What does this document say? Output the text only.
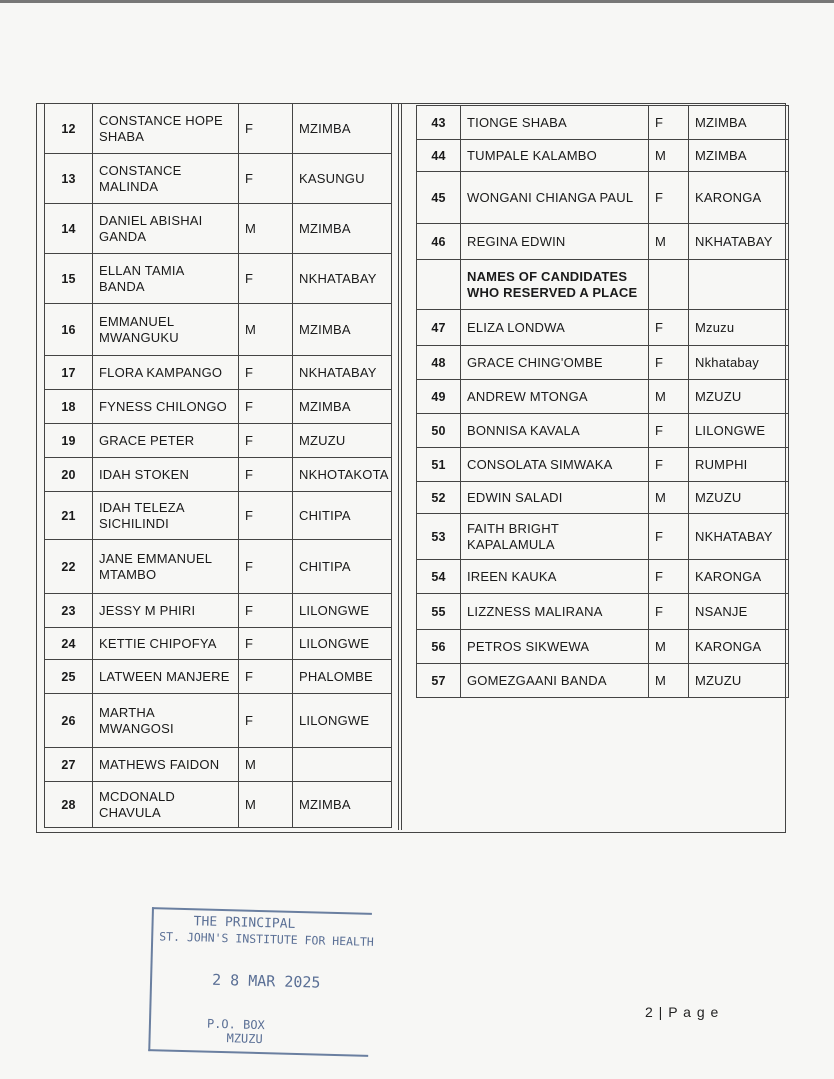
12	CONSTANCE HOPE SHABA	F	MZIMBA
13	CONSTANCE MALINDA	F	KASUNGU
14	DANIEL ABISHAI GANDA	M	MZIMBA
15	ELLAN TAMIA BANDA	F	NKHATABAY
16	EMMANUEL MWANGUKU	M	MZIMBA
17	FLORA KAMPANGO	F	NKHATABAY
18	FYNESS CHILONGO	F	MZIMBA
19	GRACE PETER	F	MZUZU
20	IDAH STOKEN	F	NKHOTAKOTA
21	IDAH TELEZA SICHILINDI	F	CHITIPA
22	JANE EMMANUEL MTAMBO	F	CHITIPA
23	JESSY M PHIRI	F	LILONGWE
24	KETTIE CHIPOFYA	F	LILONGWE
25	LATWEEN MANJERE	F	PHALOMBE
26	MARTHA MWANGOSI	F	LILONGWE
27	MATHEWS FAIDON	M	
28	MCDONALD CHAVULA	M	MZIMBA
43	TIONGE SHABA	F	MZIMBA
44	TUMPALE KALAMBO	M	MZIMBA
45	WONGANI CHIANGA PAUL	F	KARONGA
46	REGINA EDWIN	M	NKHATABAY
	NAMES OF CANDIDATES WHO RESERVED A PLACE		
47	ELIZA LONDWA	F	Mzuzu
48	GRACE CHING'OMBE	F	Nkhatabay
49	ANDREW MTONGA	M	MZUZU
50	BONNISA KAVALA	F	LILONGWE
51	CONSOLATA SIMWAKA	F	RUMPHI
52	EDWIN SALADI	M	MZUZU
53	FAITH BRIGHT KAPALAMULA	F	NKHATABAY
54	IREEN KAUKA	F	KARONGA
55	LIZZNESS MALIRANA	F	NSANJE
56	PETROS SIKWEWA	M	KARONGA
57	GOMEZGAANI BANDA	M	MZUZU
THE PRINCIPAL
ST. JOHN'S INSTITUTE FOR HEALTH
2 8 MAR 2025
P.O. BOX
MZUZU
2 | P a g e
